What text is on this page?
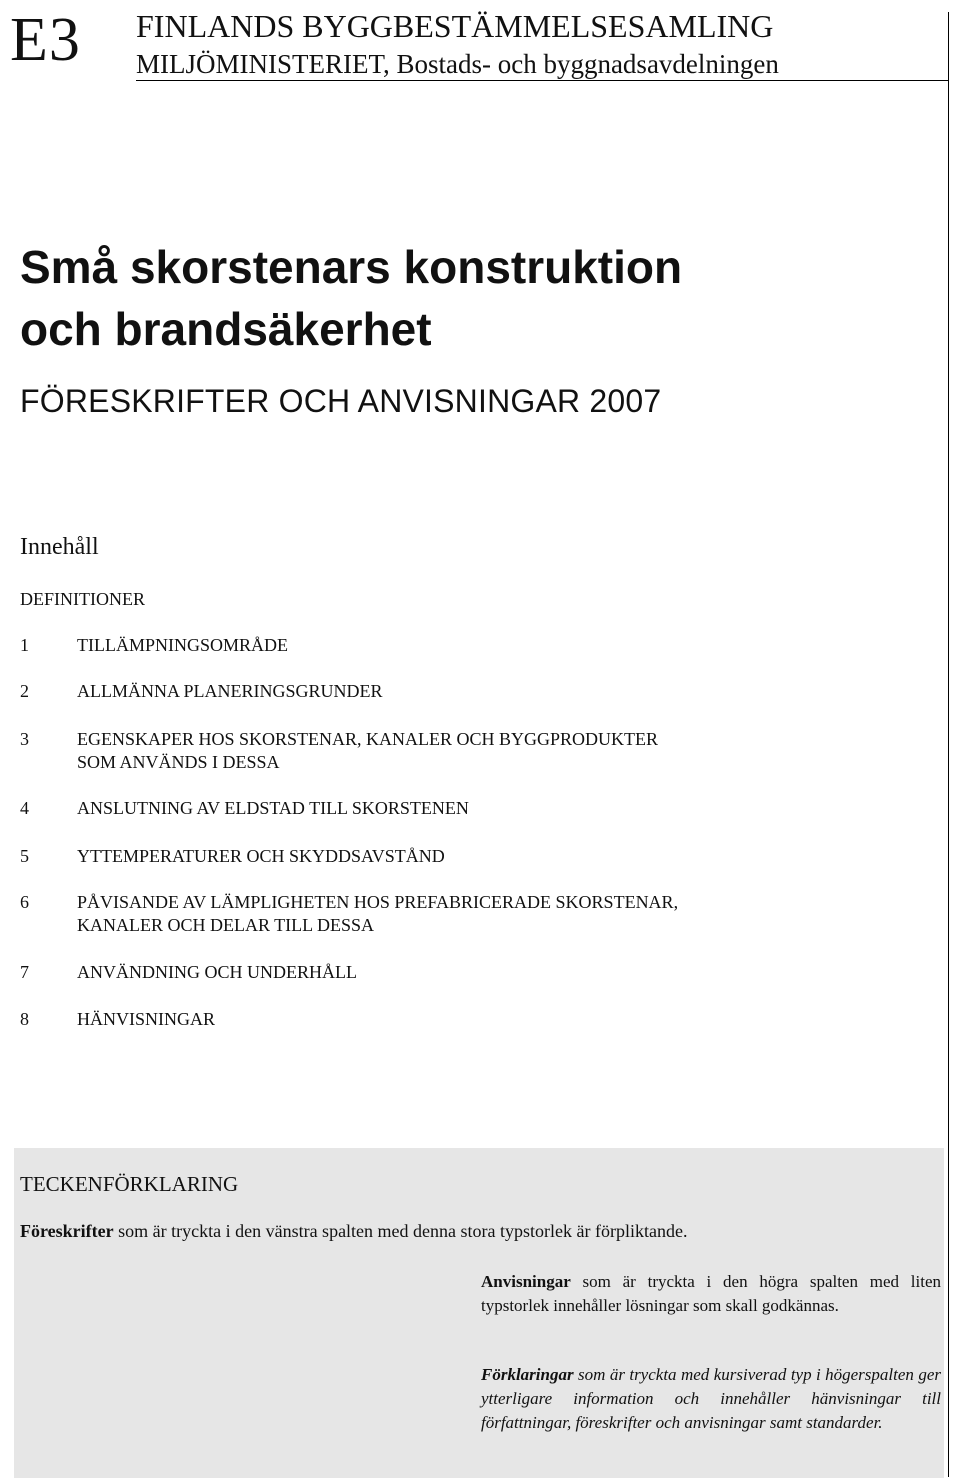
E3 FINLANDS BYGGBESTÄMMELSESAMLING
MILJÖMINISTERIET, Bostads- och byggnadsavdelningen
Små skorstenars konstruktion
och brandsäkerhet
FÖRESKRIFTER OCH ANVISNINGAR 2007
Innehåll
DEFINITIONER
1	TILLÄMPNINGSOMRÅDE
2	ALLMÄNNA PLANERINGSGRUNDER
3	EGENSKAPER HOS SKORSTENAR, KANALER OCH BYGGPRODUKTER
SOM ANVÄNDS I DESSA
4	ANSLUTNING AV ELDSTAD TILL SKORSTENEN
5	YTTEMPERATURER OCH SKYDDSAVSTÅND
6	PÅVISANDE AV LÄMPLIGHETEN HOS PREFABRICERADE SKORSTENAR,
KANALER OCH DELAR TILL DESSA
7	ANVÄNDNING OCH UNDERHÅLL
8	HÄNVISNINGAR
TECKENFÖRKLARING
Föreskrifter som är tryckta i den vänstra spalten med denna stora typstorlek är förpliktande.
Anvisningar som är tryckta i den högra spalten med liten typstorlek innehåller lösningar som skall godkännas.
Förklaringar som är tryckta med kursiverad typ i högerspalten ger ytterligare information och innehåller hänvisningar till författningar, föreskrifter och anvisningar samt standarder.
